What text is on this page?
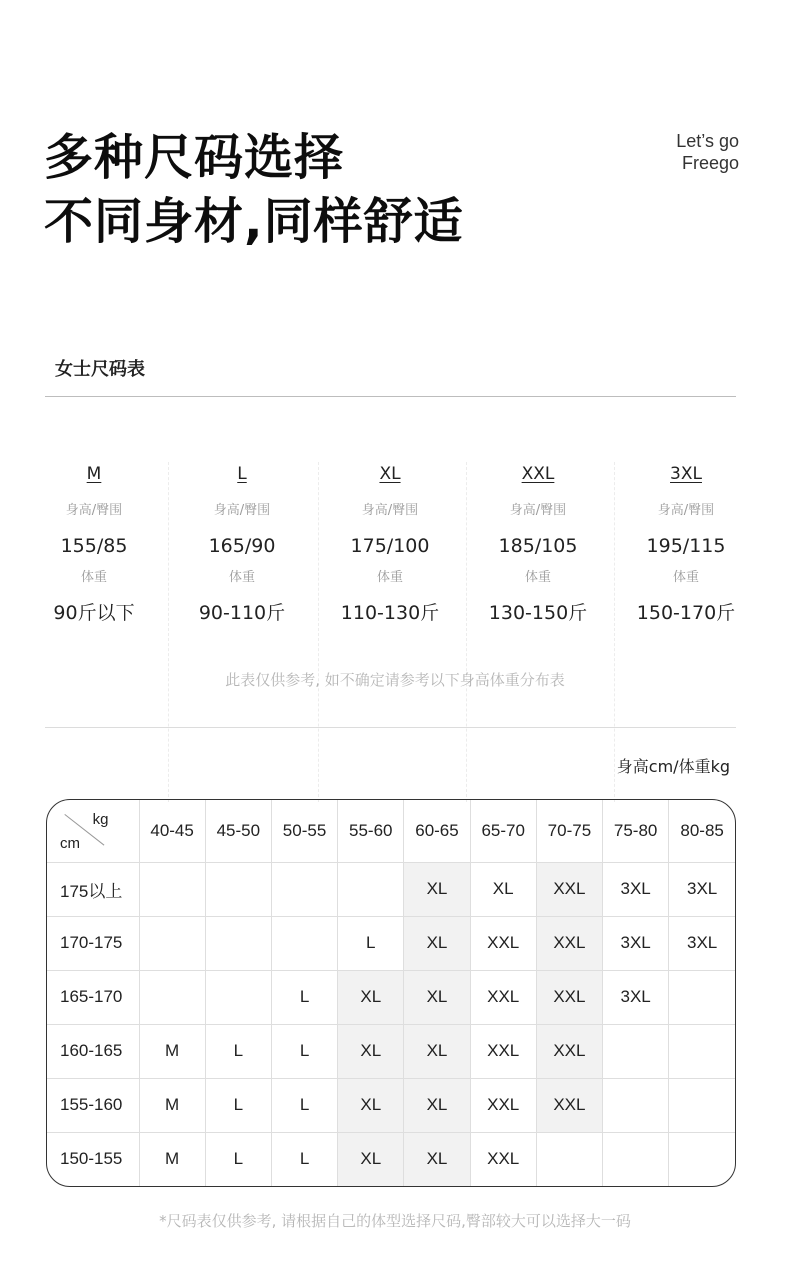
多种尺码选择
不同身材,同样舒适
Let’s go
Freego
女士尺码表
M
身高/臀围
155/85
体重
90斤以下
L
身高/臀围
165/90
体重
90-110斤
XL
身高/臀围
175/100
体重
110-130斤
XXL
身高/臀围
185/105
体重
130-150斤
3XL
身高/臀围
195/115
体重
150-170斤
此表仅供参考, 如不确定请参考以下身高体重分布表
身高cm/体重kg
kg
cm	40-45	45-50	50-55	55-60	60-65	65-70	70-75	75-80	80-85
175以上					XL	XL	XXL	3XL	3XL
170-175				L	XL	XXL	XXL	3XL	3XL
165-170			L	XL	XL	XXL	XXL	3XL	
160-165	M	L	L	XL	XL	XXL	XXL		
155-160	M	L	L	XL	XL	XXL	XXL		
150-155	M	L	L	XL	XL	XXL			
*尺码表仅供参考, 请根据自己的体型选择尺码,臀部较大可以选择大一码
